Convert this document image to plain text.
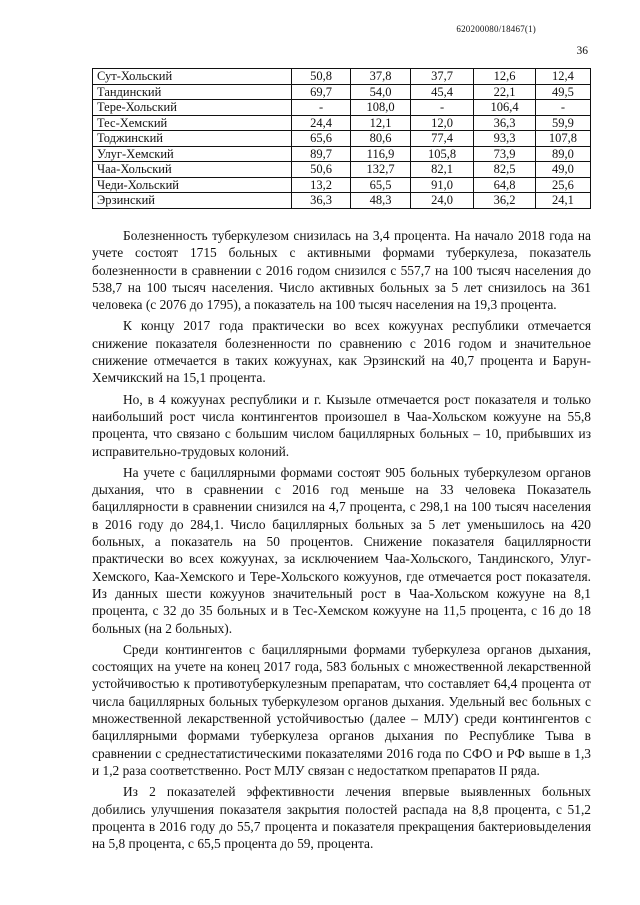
620200080/18467(1)
36
Сут-Хольский	50,8	37,8	37,7	12,6	12,4
Тандинский	69,7	54,0	45,4	22,1	49,5
Тере-Хольский	-	108,0	-	106,4	-
Тес-Хемский	24,4	12,1	12,0	36,3	59,9
Тоджинский	65,6	80,6	77,4	93,3	107,8
Улуг-Хемский	89,7	116,9	105,8	73,9	89,0
Чаа-Хольский	50,6	132,7	82,1	82,5	49,0
Чеди-Хольский	13,2	65,5	91,0	64,8	25,6
Эрзинский	36,3	48,3	24,0	36,2	24,1

Болезненность туберкулезом снизилась на 3,4 процента. На начало 2018 года на учете состоят 1715 больных с активными формами туберкулеза, показатель болезненности в сравнении с 2016 годом снизился с 557,7 на 100 тысяч населения до 538,7 на 100 тысяч населения. Число активных больных за 5 лет снизилось на 361 человека (с 2076 до 1795), а показатель на 100 тысяч населения на 19,3 процента.

К концу 2017 года практически во всех кожуунах республики отмечается снижение показателя болезненности по сравнению с 2016 годом и значительное снижение отмечается в таких кожуунах, как Эрзинский на 40,7 процента и Барун-Хемчикский на 15,1 процента.

Но, в 4 кожуунах республики и г. Кызыле отмечается рост показателя и только наибольший рост числа контингентов произошел в Чаа-Хольском кожууне на 55,8 процента, что связано с большим числом бациллярных больных – 10, прибывших из исправительно-трудовых колоний.

На учете с бациллярными формами состоят 905 больных туберкулезом органов дыхания, что в сравнении с 2016 год меньше на 33 человека Показатель бациллярности в сравнении снизился на 4,7 процента, с 298,1 на 100 тысяч населения в 2016 году до 284,1. Число бациллярных больных за 5 лет уменьшилось на 420 больных, а показатель на 50 процентов. Снижение показателя бациллярности практически во всех кожуунах, за исключением Чаа-Хольского, Тандинского, Улуг-Хемского, Каа-Хемского и Тере-Хольского кожуунов, где отмечается рост показателя. Из данных шести кожуунов значительный рост в Чаа-Хольском кожууне на 8,1 процента, с 32 до 35 больных и в Тес-Хемском кожууне на 11,5 процента, с 16 до 18 больных (на 2 больных).

Среди контингентов с бациллярными формами туберкулеза органов дыхания, состоящих на учете на конец 2017 года, 583 больных с множественной лекарственной устойчивостью к противотуберкулезным препаратам, что составляет 64,4 процента от числа бациллярных больных туберкулезом органов дыхания. Удельный вес больных с множественной лекарственной устойчивостью (далее – МЛУ) среди контингентов с бациллярными формами туберкулеза органов дыхания по Республике Тыва в сравнении с среднестатистическими показателями 2016 года по СФО и РФ выше в 1,3 и 1,2 раза соответственно. Рост МЛУ связан с недостатком препаратов II ряда.

Из 2 показателей эффективности лечения впервые выявленных больных добились улучшения показателя закрытия полостей распада на 8,8 процента, с 51,2 процента в 2016 году до 55,7 процента и показателя прекращения бактериовыделения на 5,8 процента, с 65,5 процента до 59, процента.
